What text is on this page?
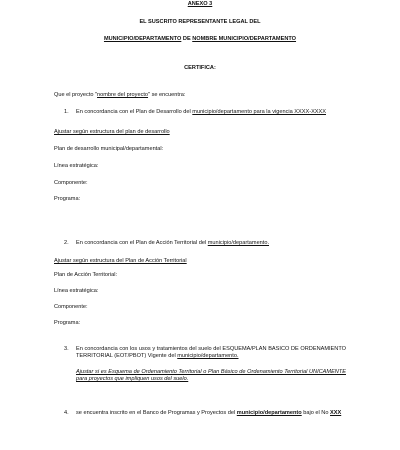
ANEXO 3
EL SUSCRITO REPRESENTANTE LEGAL DEL
MUNICIPIO/DEPARTAMENTO DE NOMBRE MUNICIPIO/DEPARTAMENTO
CERTIFICA:
Que el proyecto "nombre del proyecto" se encuentra:
1. En concordancia con el Plan de Desarrollo del municipio/departamento para la vigencia XXXX-XXXX
Ajustar según estructura del plan de desarrollo
Plan de desarrollo municipal/departamental:
Línea estratégica:
Componente:
Programa:
2. En concordancia con el Plan de Acción Territorial del municipio/departamento.
Ajustar según estructura del Plan de Acción Territorial
Plan de Acción Territorial:
Línea estratégica:
Componente:
Programa:
3. En concordancia con los usos y tratamientos del suelo del ESQUEMA/PLAN BASICO DE ORDENAMIENTO TERRITORIAL (EOT/PBOT) Vigente del municipio/departamento.
Ajustar si es Esquema de Ordenamiento Territorial o Plan Básico de Ordenamiento Territorial UNICAMENTE para proyectos que impliquen usos del suelo.
4. se encuentra inscrito en el Banco de Programas y Proyectos del municipio/departamento bajo el No XXX
